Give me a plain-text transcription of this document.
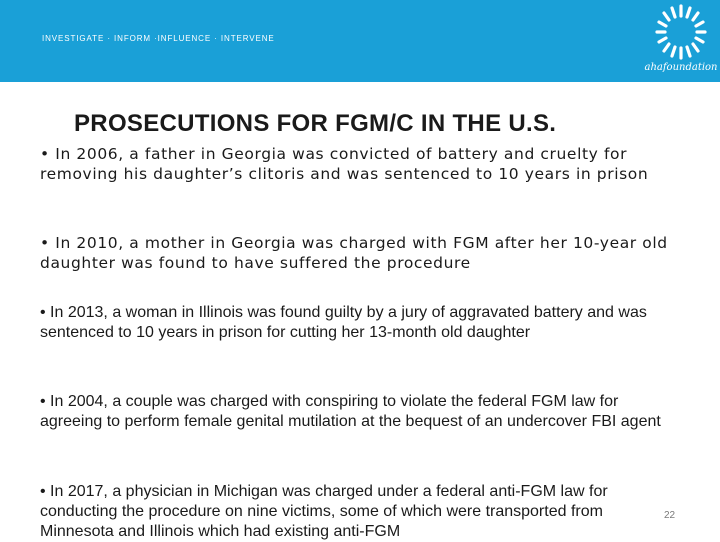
INVESTIGATE · INFORM ·INFLUENCE · INTERVENE
ahafoundation
PROSECUTIONS FOR FGM/C IN THE U.S.

• In 2006, a father in Georgia was convicted of battery and cruelty for removing his daughter’s clitoris and was sentenced to 10 years in prison

• In 2010, a mother in Georgia was charged with FGM after her 10-year old daughter was found to have suffered the procedure

• In 2013, a woman in Illinois was found guilty by a jury of aggravated battery and was sentenced to 10 years in prison for cutting her 13-month old daughter

• In 2004, a couple was charged with conspiring to violate the federal FGM law for agreeing to perform female genital mutilation at the bequest of an undercover FBI agent

• In 2017, a physician in Michigan was charged under a federal anti-FGM law for conducting the procedure on nine victims, some of which were transported from Minnesota and Illinois which had existing anti-FGM

22
